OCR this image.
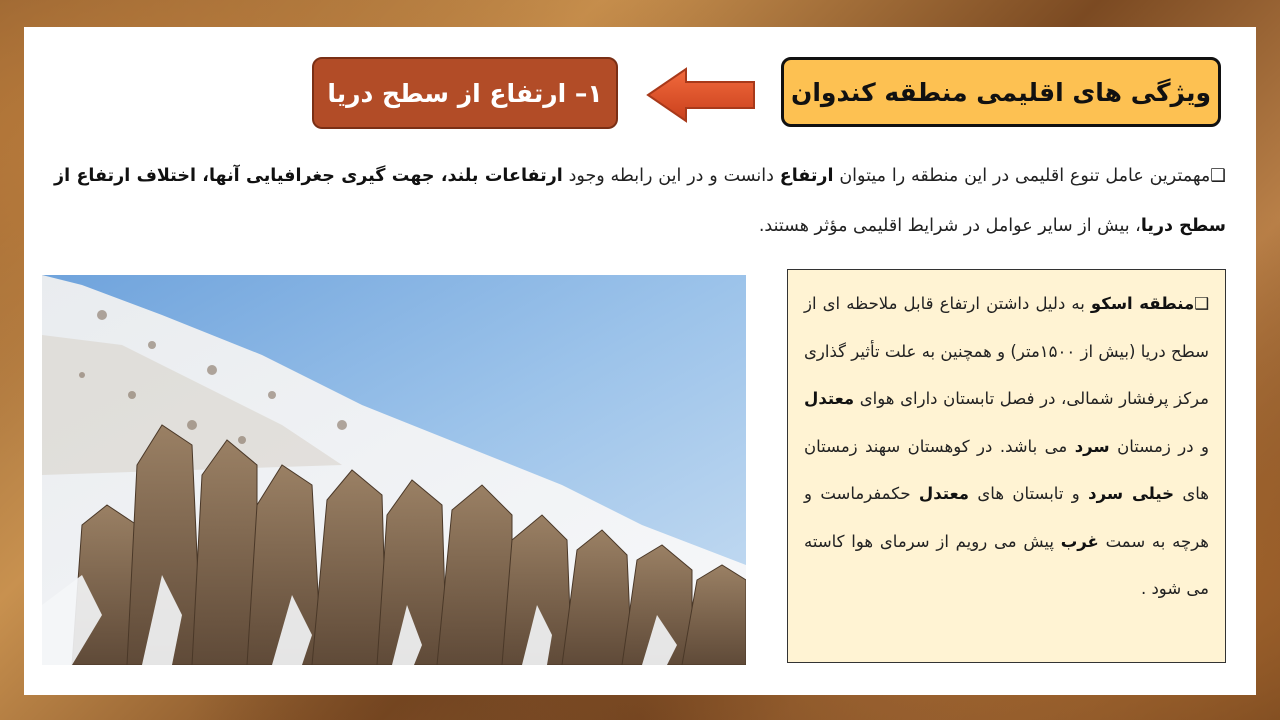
ویژگی های اقلیمی منطقه کندوان
۱– ارتفاع از سطح دریا
❑مهمترین عامل تنوع اقلیمی در این منطقه را میتوان ارتفاع دانست و در این رابطه وجود ارتفاعات بلند، جهت گیری جغرافیایی آنها، اختلاف ارتفاع از سطح دریا، بیش از سایر عوامل در شرایط اقلیمی مؤثر هستند.
❑منطقه اسکو به دلیل داشتن ارتفاع قابل ملاحظه ای از سطح دریا (بیش از ۱۵۰۰متر) و همچنین به علت تأثیر گذاری مرکز پرفشار شمالی، در فصل تابستان دارای هوای معتدل و در زمستان سرد می باشد. در کوهستان سهند زمستان های خیلی سرد و تابستان های معتدل حکمفرماست و هرچه به سمت غرب پیش می رویم از سرمای هوا کاسته می شود .
